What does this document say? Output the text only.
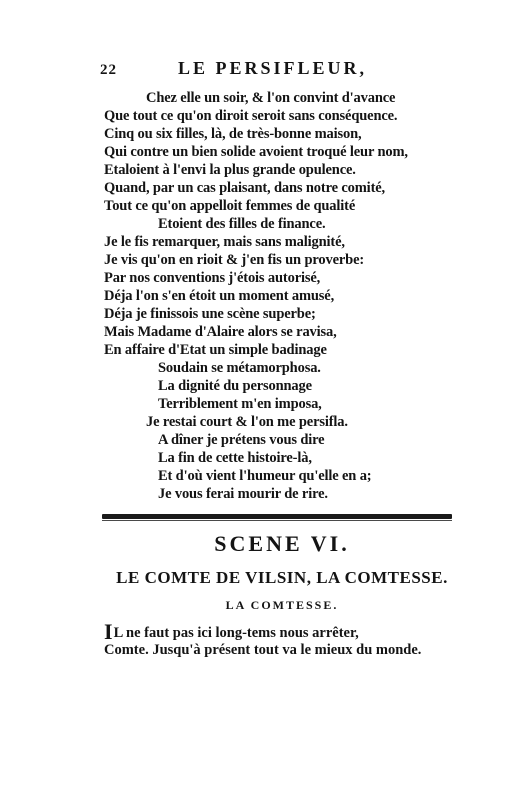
22	LE PERSIFLEUR,
Chez elle un soir, & l'on convint d'avance
Que tout ce qu'on diroit seroit sans conséquence.
Cinq ou six filles, là, de très-bonne maison,
Qui contre un bien solide avoient troqué leur nom,
Etaloient à l'envi la plus grande opulence.
Quand, par un cas plaisant, dans notre comité,
Tout ce qu'on appelloit femmes de qualité
Etoient des filles de finance.
Je le fis remarquer, mais sans malignité,
Je vis qu'on en rioit & j'en fis un proverbe:
Par nos conventions j'étois autorisé,
Déja l'on s'en étoit un moment amusé,
Déja je finissois une scène superbe;
Mais Madame d'Alaire alors se ravisa,
En affaire d'Etat un simple badinage
Soudain se métamorphosa.
La dignité du personnage
Terriblement m'en imposa,
Je restai court & l'on me persifla.
A dîner je prétens vous dire
La fin de cette histoire-là,
Et d'où vient l'humeur qu'elle en a;
Je vous ferai mourir de rire.
SCENE VI.
LE COMTE DE VILSIN, LA COMTESSE.
LA COMTESSE.
IL ne faut pas ici long-tems nous arrêter,
Comte. Jusqu'à présent tout va le mieux du monde.
